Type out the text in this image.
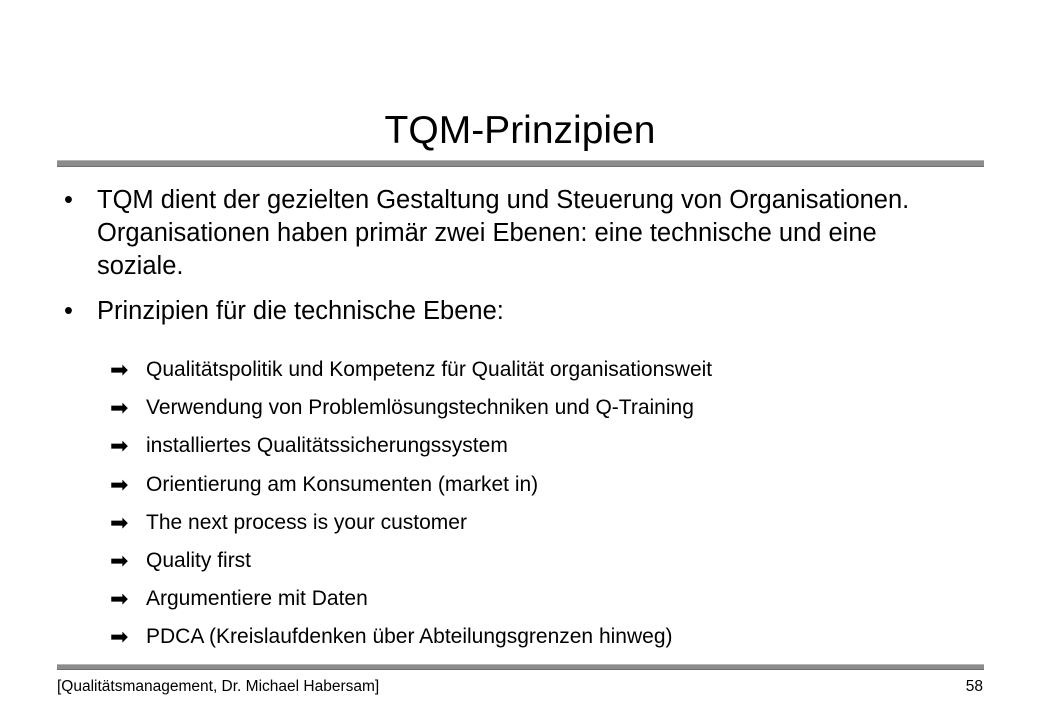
TQM-Prinzipien
• TQM dient der gezielten Gestaltung und Steuerung von Organisationen. Organisationen haben primär zwei Ebenen: eine technische und eine soziale.
• Prinzipien für die technische Ebene:
➡ Qualitätspolitik und Kompetenz für Qualität organisationsweit
➡ Verwendung von Problemlösungstechniken und Q-Training
➡ installiertes Qualitätssicherungssystem
➡ Orientierung am Konsumenten (market in)
➡ The next process is your customer
➡ Quality first
➡ Argumentiere mit Daten
➡ PDCA (Kreislaufdenken über Abteilungsgrenzen hinweg)
[Qualitätsmanagement, Dr. Michael Habersam]	58
